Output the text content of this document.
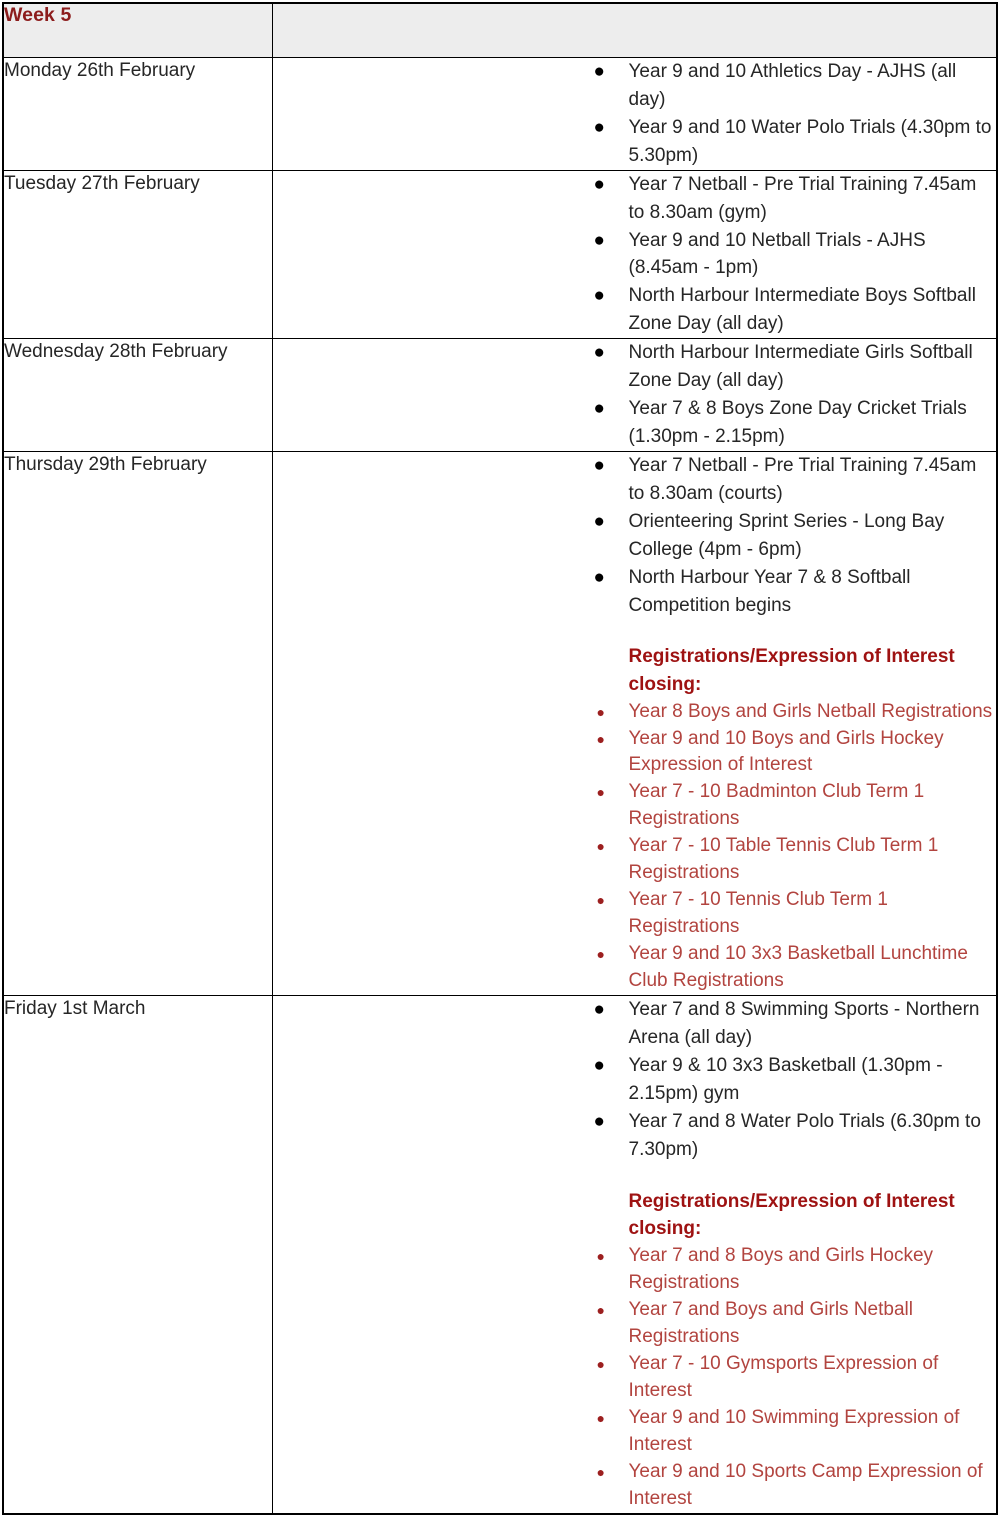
Week 5	

Monday 26th February	● Year 9 and 10 Athletics Day - AJHS (all day)
● Year 9 and 10 Water Polo Trials (4.30pm to 5.30pm)

Tuesday 27th February	● Year 7 Netball - Pre Trial Training 7.45am to 8.30am (gym)
● Year 9 and 10 Netball Trials - AJHS (8.45am - 1pm)
● North Harbour Intermediate Boys Softball Zone Day (all day)

Wednesday 28th February	● North Harbour Intermediate Girls Softball Zone Day (all day)
● Year 7 & 8 Boys Zone Day Cricket Trials (1.30pm - 2.15pm)

Thursday 29th February	● Year 7 Netball - Pre Trial Training 7.45am to 8.30am (courts)
● Orienteering Sprint Series - Long Bay College (4pm - 6pm)
● North Harbour Year 7 & 8 Softball Competition begins
Registrations/Expression of Interest closing:
● Year 8 Boys and Girls Netball Registrations
● Year 9 and 10 Boys and Girls Hockey Expression of Interest
● Year 7 - 10 Badminton Club Term 1 Registrations
● Year 7 - 10 Table Tennis Club Term 1 Registrations
● Year 7 - 10 Tennis Club Term 1 Registrations
● Year 9 and 10 3x3 Basketball Lunchtime Club Registrations

Friday 1st March	● Year 7 and 8 Swimming Sports - Northern Arena (all day)
● Year 9 & 10 3x3 Basketball (1.30pm - 2.15pm) gym
● Year 7 and 8 Water Polo Trials (6.30pm to 7.30pm)
Registrations/Expression of Interest closing:
● Year 7 and 8 Boys and Girls Hockey Registrations
● Year 7 and Boys and Girls Netball Registrations
● Year 7 - 10 Gymsports Expression of Interest
● Year 9 and 10 Swimming Expression of Interest
● Year 9 and 10 Sports Camp Expression of Interest
